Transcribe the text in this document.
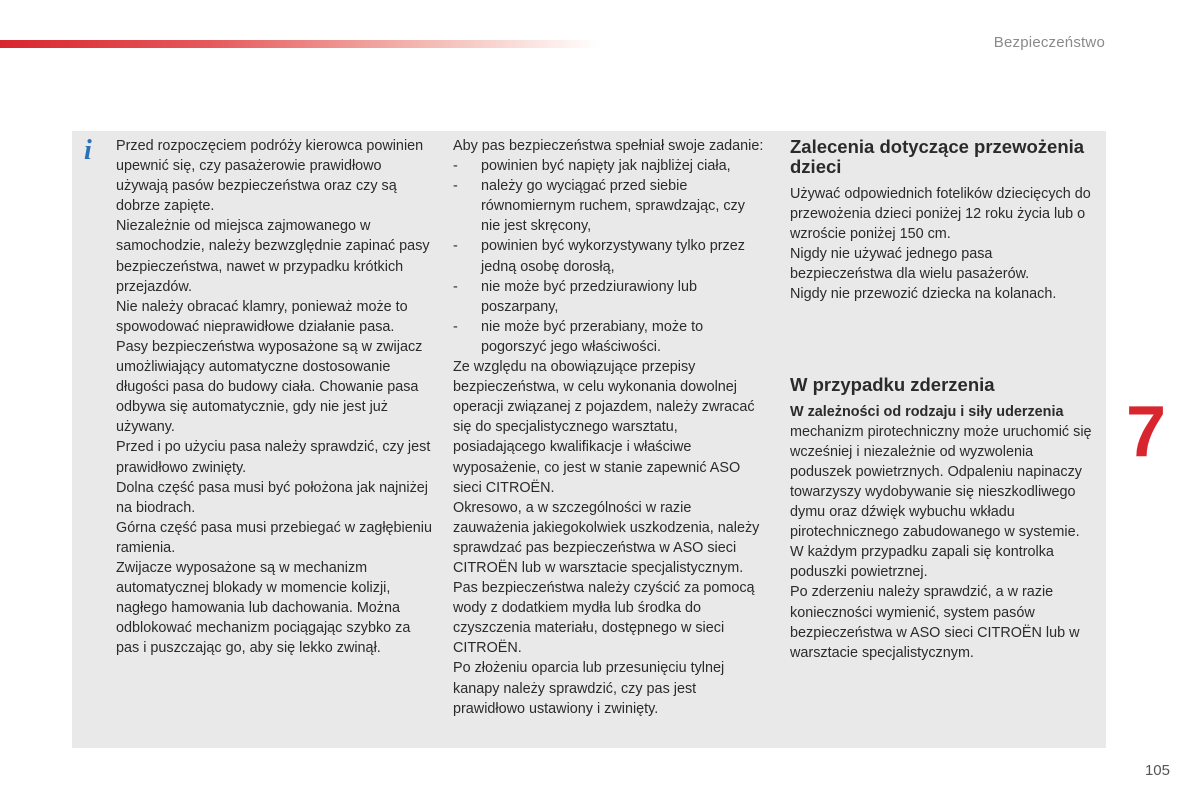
Bezpieczeństwo
i Przed rozpoczęciem podróży kierowca powinien upewnić się, czy pasażerowie prawidłowo używają pasów bezpieczeństwa oraz czy są dobrze zapięte.

Niezależnie od miejsca zajmowanego w samochodzie, należy bezwzględnie zapinać pasy bezpieczeństwa, nawet w przypadku krótkich przejazdów.

Nie należy obracać klamry, ponieważ może to spowodować nieprawidłowe działanie pasa.

Pasy bezpieczeństwa wyposażone są w zwijacz umożliwiający automatyczne dostosowanie długości pasa do budowy ciała. Chowanie pasa odbywa się automatycznie, gdy nie jest już używany.

Przed i po użyciu pasa należy sprawdzić, czy jest prawidłowo zwinięty.

Dolna część pasa musi być położona jak najniżej na biodrach.

Górna część pasa musi przebiegać w zagłębieniu ramienia.

Zwijacze wyposażone są w mechanizm automatycznej blokady w momencie kolizji, nagłego hamowania lub dachowania. Można odblokować mechanizm pociągając szybko za pas i puszczając go, aby się lekko zwinął.

Aby pas bezpieczeństwa spełniał swoje zadanie:

- powinien być napięty jak najbliżej ciała,
- należy go wyciągać przed siebie równomiernym ruchem, sprawdzając, czy nie jest skręcony,
- powinien być wykorzystywany tylko przez jedną osobę dorosłą,
- nie może być przedziurawiony lub poszarpany,
- nie może być przerabiany, może to pogorszyć jego właściwości.

Ze względu na obowiązujące przepisy bezpieczeństwa, w celu wykonania dowolnej operacji związanej z pojazdem, należy zwracać się do specjalistycznego warsztatu, posiadającego kwalifikacje i właściwe wyposażenie, co jest w stanie zapewnić ASO sieci CITROËN.

Okresowo, a w szczególności w razie zauważenia jakiegokolwiek uszkodzenia, należy sprawdzać pas bezpieczeństwa w ASO sieci CITROËN lub w warsztacie specjalistycznym.

Pas bezpieczeństwa należy czyścić za pomocą wody z dodatkiem mydła lub środka do czyszczenia materiału, dostępnego w sieci CITROËN.

Po złożeniu oparcia lub przesunięciu tylnej kanapy należy sprawdzić, czy pas jest prawidłowo ustawiony i zwinięty.

Zalecenia dotyczące przewożenia dzieci

Używać odpowiednich fotelików dziecięcych do przewożenia dzieci poniżej 12 roku życia lub o wzroście poniżej 150 cm.

Nigdy nie używać jednego pasa bezpieczeństwa dla wielu pasażerów.

Nigdy nie przewozić dziecka na kolanach.

W przypadku zderzenia

W zależności od rodzaju i siły uderzenia mechanizm pirotechniczny może uruchomić się wcześniej i niezależnie od wyzwolenia poduszek powietrznych. Odpaleniu napinaczy towarzyszy wydobywanie się nieszkodliwego dymu oraz dźwięk wybuchu wkładu pirotechnicznego zabudowanego w systemie.

W każdym przypadku zapali się kontrolka poduszki powietrznej.

Po zderzeniu należy sprawdzić, a w razie konieczności wymienić, system pasów bezpieczeństwa w ASO sieci CITROËN lub w warsztacie specjalistycznym.

7
105
